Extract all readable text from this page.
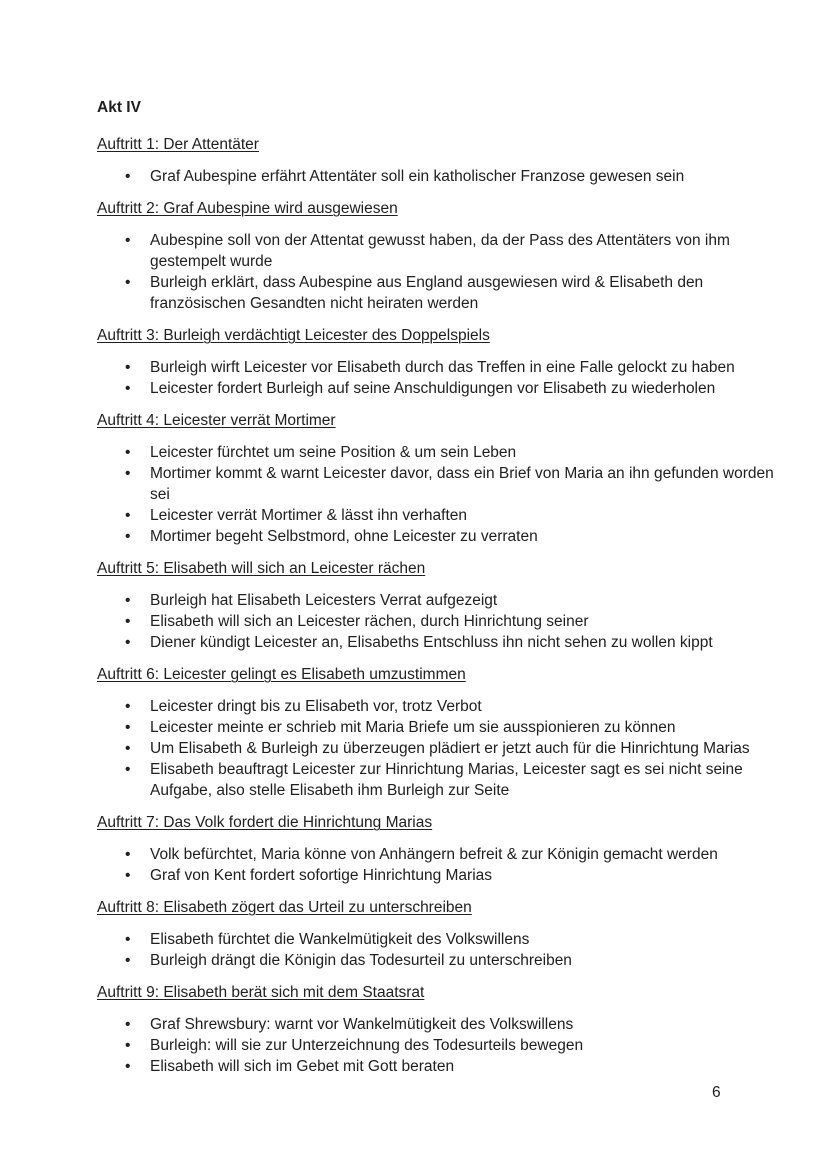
Akt IV
Auftritt 1: Der Attentäter
• Graf Aubespine erfährt Attentäter soll ein katholischer Franzose gewesen sein
Auftritt 2: Graf Aubespine wird ausgewiesen
• Aubespine soll von der Attentat gewusst haben, da der Pass des Attentäters von ihm gestempelt wurde
• Burleigh erklärt, dass Aubespine aus England ausgewiesen wird & Elisabeth den französischen Gesandten nicht heiraten werden
Auftritt 3: Burleigh verdächtigt Leicester des Doppelspiels
• Burleigh wirft Leicester vor Elisabeth durch das Treffen in eine Falle gelockt zu haben
• Leicester fordert Burleigh auf seine Anschuldigungen vor Elisabeth zu wiederholen
Auftritt 4: Leicester verrät Mortimer
• Leicester fürchtet um seine Position & um sein Leben
• Mortimer kommt & warnt Leicester davor, dass ein Brief von Maria an ihn gefunden worden sei
• Leicester verrät Mortimer & lässt ihn verhaften
• Mortimer begeht Selbstmord, ohne Leicester zu verraten
Auftritt 5: Elisabeth will sich an Leicester rächen
• Burleigh hat Elisabeth Leicesters Verrat aufgezeigt
• Elisabeth will sich an Leicester rächen, durch Hinrichtung seiner
• Diener kündigt Leicester an, Elisabeths Entschluss ihn nicht sehen zu wollen kippt
Auftritt 6: Leicester gelingt es Elisabeth umzustimmen
• Leicester dringt bis zu Elisabeth vor, trotz Verbot
• Leicester meinte er schrieb mit Maria Briefe um sie ausspionieren zu können
• Um Elisabeth & Burleigh zu überzeugen plädiert er jetzt auch für die Hinrichtung Marias
• Elisabeth beauftragt Leicester zur Hinrichtung Marias, Leicester sagt es sei nicht seine Aufgabe, also stelle Elisabeth ihm Burleigh zur Seite
Auftritt 7: Das Volk fordert die Hinrichtung Marias
• Volk befürchtet, Maria könne von Anhängern befreit & zur Königin gemacht werden
• Graf von Kent fordert sofortige Hinrichtung Marias
Auftritt 8: Elisabeth zögert das Urteil zu unterschreiben
• Elisabeth fürchtet die Wankelmütigkeit des Volkswillens
• Burleigh drängt die Königin das Todesurteil zu unterschreiben
Auftritt 9: Elisabeth berät sich mit dem Staatsrat
• Graf Shrewsbury: warnt vor Wankelmütigkeit des Volkswillens
• Burleigh: will sie zur Unterzeichnung des Todesurteils bewegen
• Elisabeth will sich im Gebet mit Gott beraten
6
